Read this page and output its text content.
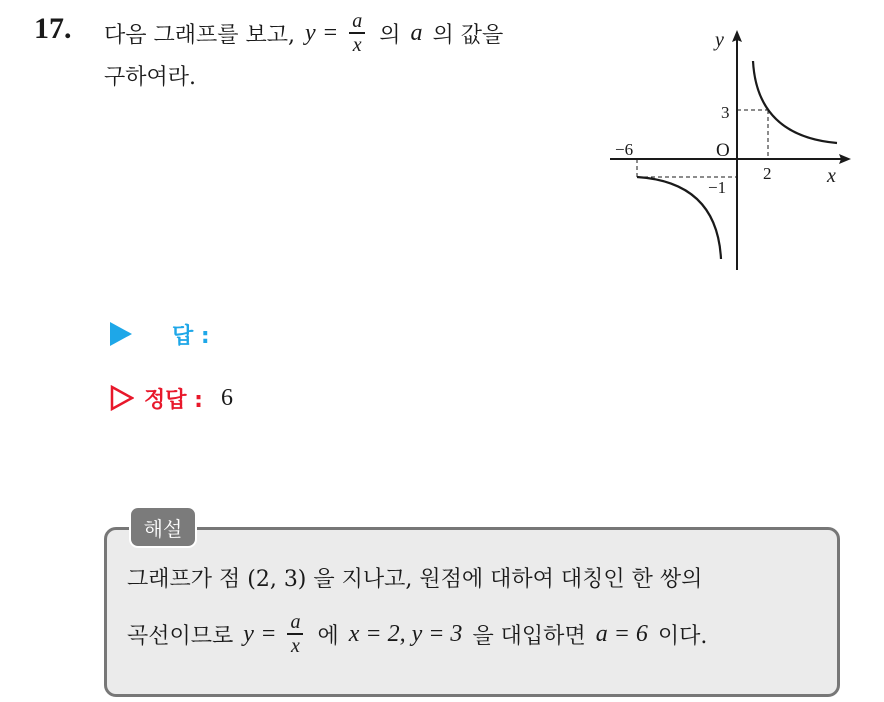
17. 다음 그래프를 보고, $y = \frac{a}{x}$ 의 a 의 값을
구하여라.
y
x
O
3
2
−6
−1
답 :
정답 : 6
해설
그래프가 점 (2, 3) 을 지나고, 원점에 대하여 대칭인 한 쌍의
곡선이므로 $y = \frac{a}{x}$ 에 x = 2, y = 3 을 대입하면 a = 6 이다.
